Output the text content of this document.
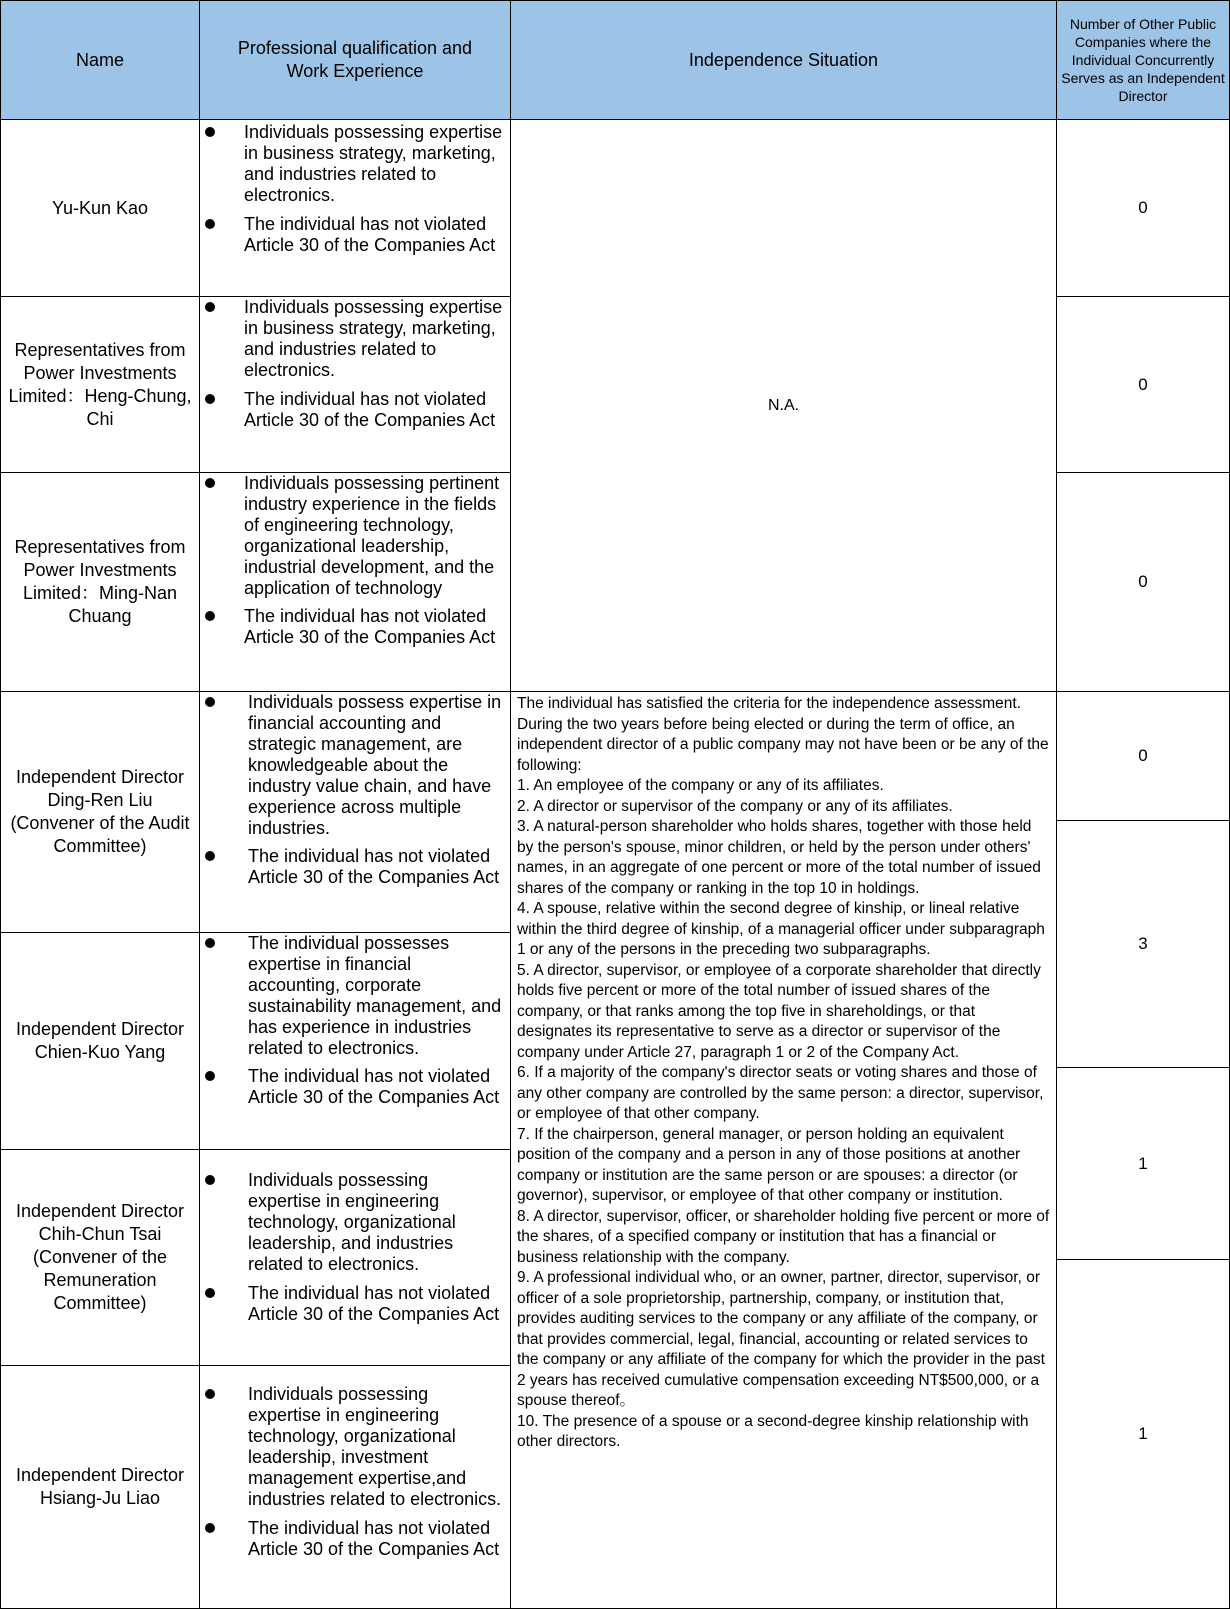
Name
Professional qualification and Work Experience
Independence Situation
Number of Other Public Companies where the Individual Concurrently Serves as an Independent Director
Yu-Kun Kao
Individuals possessing expertise in business strategy, marketing, and industries related to electronics.
The individual has not violated Article 30 of the Companies Act
0
Representatives from Power Investments Limited：Heng-Chung, Chi
Individuals possessing expertise in business strategy, marketing, and industries related to electronics.
The individual has not violated Article 30 of the Companies Act
0
Representatives from Power Investments Limited：Ming-Nan Chuang
Individuals possessing pertinent industry experience in the fields of engineering technology, organizational leadership, industrial development, and the application of technology
The individual has not violated Article 30 of the Companies Act
0
N.A.
Independent Director Ding-Ren Liu (Convener of the Audit Committee)
Individuals possess expertise in financial accounting and strategic management, are knowledgeable about the industry value chain, and have experience across multiple industries.
The individual has not violated Article 30 of the Companies Act
Independent Director Chien-Kuo Yang
The individual possesses expertise in financial accounting, corporate sustainability management, and has experience in industries related to electronics.
The individual has not violated Article 30 of the Companies Act
Independent Director Chih-Chun Tsai (Convener of the Remuneration Committee)
Individuals possessing expertise in engineering technology, organizational leadership, and industries related to electronics.
The individual has not violated Article 30 of the Companies Act
Independent Director Hsiang-Ju Liao
Individuals possessing expertise in engineering technology, organizational leadership, investment management expertise,and industries related to electronics.
The individual has not violated Article 30 of the Companies Act

The individual has satisfied the criteria for the independence assessment.

During the two years before being elected or during the term of office, an independent director of a public company may not have been or be any of the following:

1. An employee of the company or any of its affiliates.

2. A director or supervisor of the company or any of its affiliates.

3. A natural-person shareholder who holds shares, together with those held by the person's spouse, minor children, or held by the person under others' names, in an aggregate of one percent or more of the total number of issued shares of the company or ranking in the top 10 in holdings.

4. A spouse, relative within the second degree of kinship, or lineal relative within the third degree of kinship, of a managerial officer under subparagraph 1 or any of the persons in the preceding two subparagraphs.

5. A director, supervisor, or employee of a corporate shareholder that directly holds five percent or more of the total number of issued shares of the company, or that ranks among the top five in shareholdings, or that designates its representative to serve as a director or supervisor of the company under Article 27, paragraph 1 or 2 of the Company Act.

6. If a majority of the company's director seats or voting shares and those of any other company are controlled by the same person: a director, supervisor, or employee of that other company.

7. If the chairperson, general manager, or person holding an equivalent position of the company and a person in any of those positions at another company or institution are the same person or are spouses: a director (or governor), supervisor, or employee of that other company or institution.

8. A director, supervisor, officer, or shareholder holding five percent or more of the shares, of a specified company or institution that has a financial or business relationship with the company.

9. A professional individual who, or an owner, partner, director, supervisor, or officer of a sole proprietorship, partnership, company, or institution that, provides auditing services to the company or any affiliate of the company, or that provides commercial, legal, financial, accounting or related services to the company or any affiliate of the company for which the provider in the past 2 years has received cumulative compensation exceeding NT$500,000, or a spouse thereof。

10. The presence of a spouse or a second-degree kinship relationship with other directors.

0
3
1
1
